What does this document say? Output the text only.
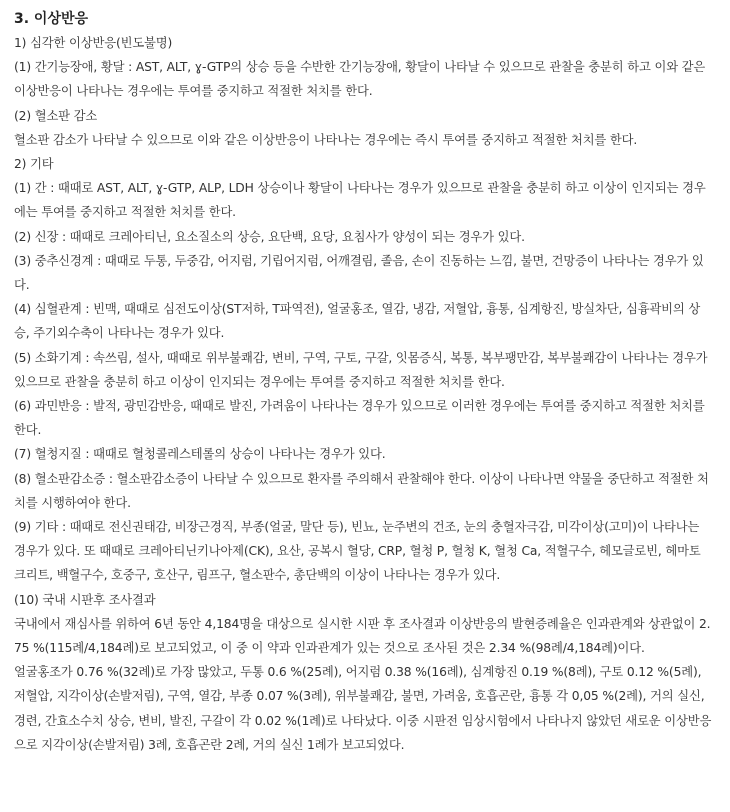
3. 이상반응

1) 심각한 이상반응(빈도불명)

(1) 간기능장애, 황달 : AST, ALT, ɣ-GTP의 상승 등을 수반한 간기능장애, 황달이 나타날 수 있으므로 관찰을 충분히 하고 이와 같은 이상반응이 나타나는 경우에는 투여를 중지하고 적절한 처치를 한다.

(2) 혈소판 감소

혈소판 감소가 나타날 수 있으므로 이와 같은 이상반응이 나타나는 경우에는 즉시 투여를 중지하고 적절한 처치를 한다.

2) 기타

(1) 간 : 때때로 AST, ALT, ɣ-GTP, ALP, LDH 상승이나 황달이 나타나는 경우가 있으므로 관찰을 충분히 하고 이상이 인지되는 경우에는 투여를 중지하고 적절한 처치를 한다.

(2) 신장 : 때때로 크레아티닌, 요소질소의 상승, 요단백, 요당, 요침사가 양성이 되는 경우가 있다.

(3) 중추신경계 : 때때로 두통, 두중감, 어지럼, 기립어지럼, 어깨결림, 졸음, 손이 진동하는 느낌, 불면, 건망증이 나타나는 경우가 있다.

(4) 심혈관계 : 빈맥, 때때로 심전도이상(ST저하, T파역전), 얼굴홍조, 열감, 냉감, 저혈압, 흉통, 심계항진, 방실차단, 심흉곽비의 상승, 주기외수축이 나타나는 경우가 있다.

(5) 소화기계 : 속쓰림, 설사, 때때로 위부불쾌감, 변비, 구역, 구토, 구갈, 잇몸증식, 복통, 복부팽만감, 복부불쾌감이 나타나는 경우가 있으므로 관찰을 충분히 하고 이상이 인지되는 경우에는 투여를 중지하고 적절한 처치를 한다.

(6) 과민반응 : 발적, 광민감반응, 때때로 발진, 가려움이 나타나는 경우가 있으므로 이러한 경우에는 투여를 중지하고 적절한 처치를 한다.

(7) 혈청지질 : 때때로 혈청콜레스테롤의 상승이 나타나는 경우가 있다.

(8) 혈소판감소증 : 혈소판감소증이 나타날 수 있으므로 환자를 주의해서 관찰해야 한다. 이상이 나타나면 약물을 중단하고 적절한 처치를 시행하여야 한다.

(9) 기타 : 때때로 전신권태감, 비장근경직, 부종(얼굴, 말단 등), 빈뇨, 눈주변의 건조, 눈의 충혈자극감, 미각이상(고미)이 나타나는 경우가 있다. 또 때때로 크레아티닌키나아제(CK), 요산, 공복시 혈당, CRP, 혈청 P, 혈청 K, 혈청 Ca, 적혈구수, 헤모글로빈, 헤마토크리트, 백혈구수, 호중구, 호산구, 림프구, 혈소판수, 총단백의 이상이 나타나는 경우가 있다.

(10) 국내 시판후 조사결과

국내에서 재심사를 위하여 6년 동안 4,184명을 대상으로 실시한 시판 후 조사결과 이상반응의 발현증례율은 인과관계와 상관없이 2.75 %(115례/4,184례)로 보고되었고, 이 중 이 약과 인과관계가 있는 것으로 조사된 것은 2.34 %(98례/4,184례)이다.

얼굴홍조가 0.76 %(32례)로 가장 많았고, 두통 0.6 %(25례), 어지럼 0.38 %(16례), 심계항진 0.19 %(8례), 구토 0.12 %(5례), 저혈압, 지각이상(손발저림), 구역, 열감, 부종 0.07 %(3례), 위부불쾌감, 불면, 가려움, 호흡곤란, 흉통 각 0,05 %(2례), 거의 실신, 경련, 간효소수치 상승, 변비, 발진, 구갈이 각 0.02 %(1례)로 나타났다. 이중 시판전 임상시험에서 나타나지 않았던 새로운 이상반응으로 지각이상(손발저림) 3례, 호흡곤란 2례, 거의 실신 1례가 보고되었다.
